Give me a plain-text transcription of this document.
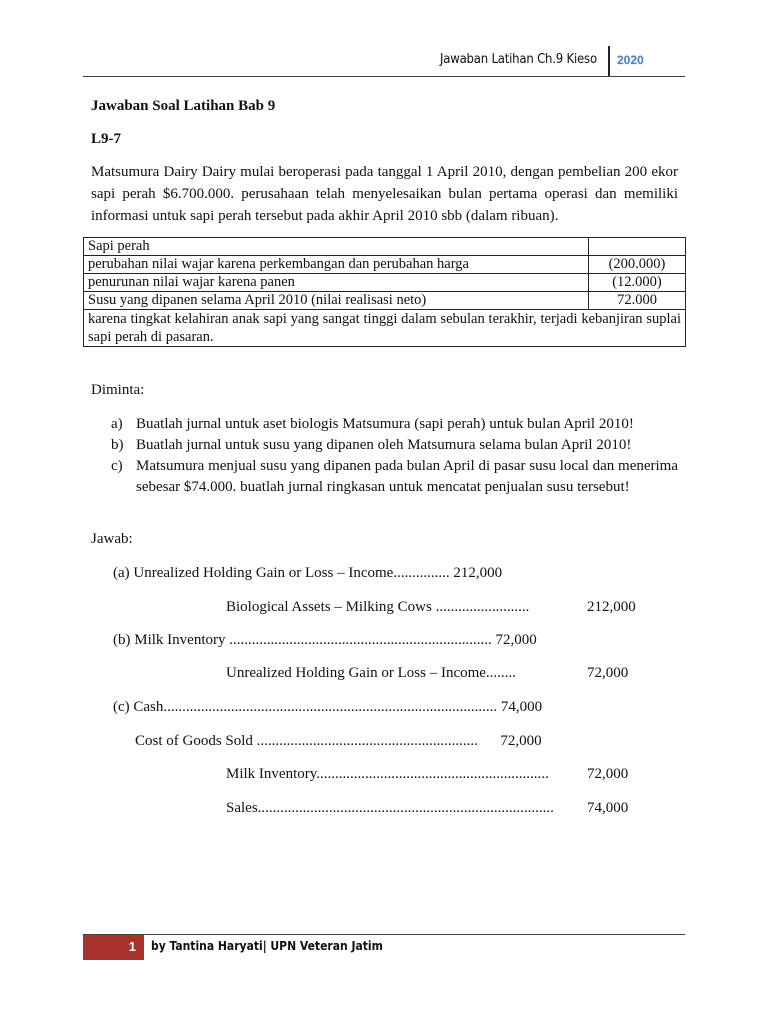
Jawaban Latihan Ch.9 Kieso 2020
Jawaban Soal Latihan Bab 9
L9-7
Matsumura Dairy Dairy mulai beroperasi pada tanggal 1 April 2010, dengan pembelian 200 ekor sapi perah $6.700.000. perusahaan telah menyelesaikan bulan pertama operasi dan memiliki informasi untuk sapi perah tersebut pada akhir April 2010 sbb (dalam ribuan).
Sapi perah	
perubahan nilai wajar karena perkembangan dan perubahan harga	(200.000)
penurunan nilai wajar karena panen	(12.000)
Susu yang dipanen selama April 2010 (nilai realisasi neto)	72.000
karena tingkat kelahiran anak sapi yang sangat tinggi dalam sebulan terakhir, terjadi kebanjiran suplai sapi perah di pasaran.	
Diminta:
a) Buatlah jurnal untuk aset biologis Matsumura (sapi perah) untuk bulan April 2010!
b) Buatlah jurnal untuk susu yang dipanen oleh Matsumura selama bulan April 2010!
c) Matsumura menjual susu yang dipanen pada bulan April di pasar susu local dan menerima sebesar $74.000. buatlah jurnal ringkasan untuk mencatat penjualan susu tersebut!
Jawab:
(a) Unrealized Holding Gain or Loss – Income............... 212,000
Biological Assets – Milking Cows .........................	212,000
(b) Milk Inventory ...................................................................... 72,000
Unrealized Holding Gain or Loss – Income........	72,000
(c) Cash......................................................................................... 74,000
Cost of Goods Sold ...........................................................      72,000
Milk Inventory..............................................................	72,000
Sales............................................................................... 74,000
1	by Tantina Haryati| UPN Veteran Jatim
